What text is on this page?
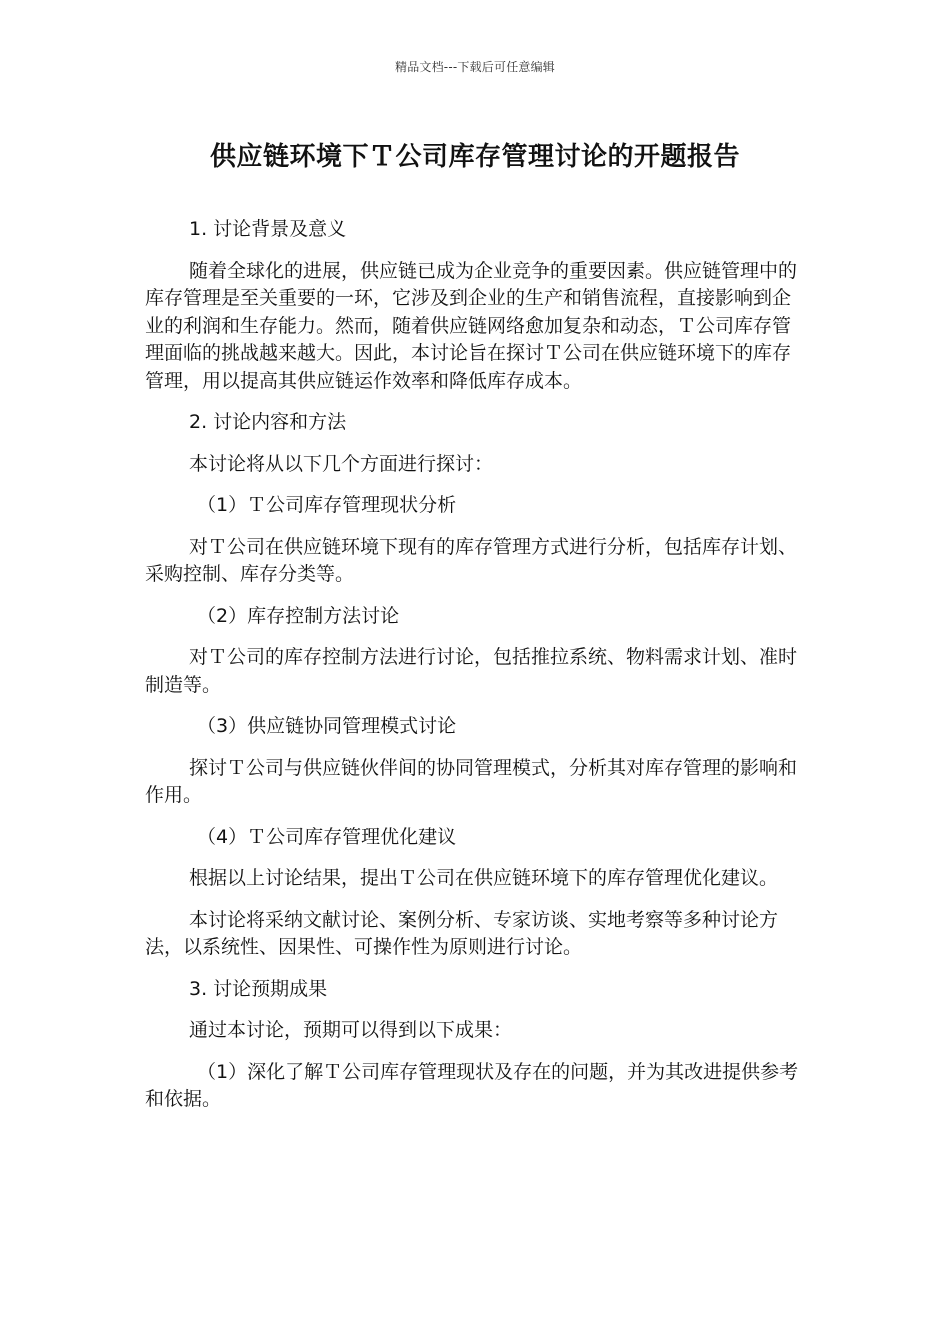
精品文档---下载后可任意编辑
供应链环境下Ｔ公司库存管理讨论的开题报告

1. 讨论背景及意义

随着全球化的进展，供应链已成为企业竞争的重要因素。供应链管理中的库存管理是至关重要的一环，它涉及到企业的生产和销售流程，直接影响到企业的利润和生存能力。然而，随着供应链网络愈加复杂和动态，Ｔ公司库存管理面临的挑战越来越大。因此，本讨论旨在探讨Ｔ公司在供应链环境下的库存管理，用以提高其供应链运作效率和降低库存成本。

2. 讨论内容和方法

本讨论将从以下几个方面进行探讨：

（1）Ｔ公司库存管理现状分析

对Ｔ公司在供应链环境下现有的库存管理方式进行分析，包括库存计划、采购控制、库存分类等。

（2）库存控制方法讨论

对Ｔ公司的库存控制方法进行讨论，包括推拉系统、物料需求计划、准时制造等。

（3）供应链协同管理模式讨论

探讨Ｔ公司与供应链伙伴间的协同管理模式，分析其对库存管理的影响和作用。

（4）Ｔ公司库存管理优化建议

根据以上讨论结果，提出Ｔ公司在供应链环境下的库存管理优化建议。

本讨论将采纳文献讨论、案例分析、专家访谈、实地考察等多种讨论方法，以系统性、因果性、可操作性为原则进行讨论。

3. 讨论预期成果

通过本讨论，预期可以得到以下成果：

（1）深化了解Ｔ公司库存管理现状及存在的问题，并为其改进提供参考和依据。
